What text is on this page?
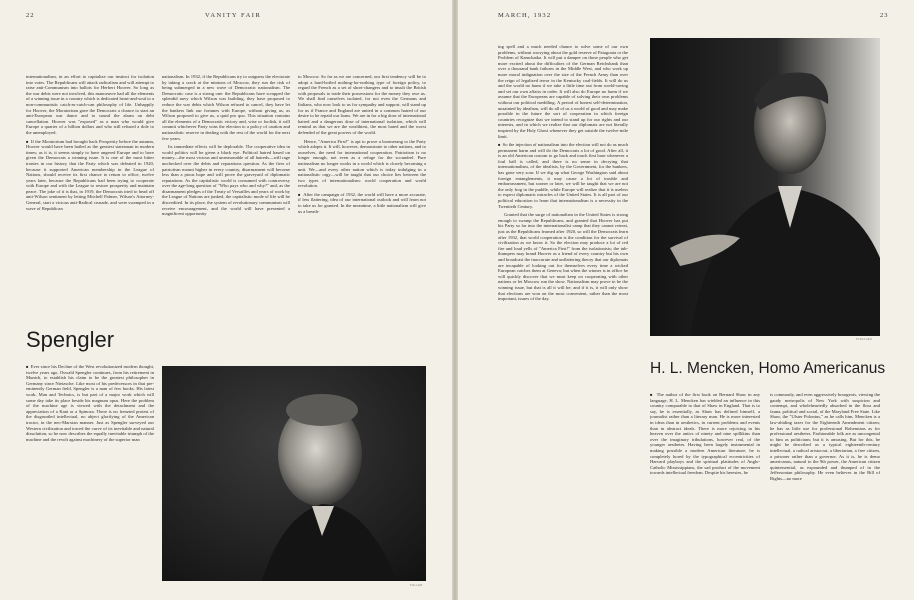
22	VANITY FAIR

internationalism, in an effort to capitalize our instinct for isolation into votes. The Republicans will attack radicalism and will attempt to raise anti-Communism into ballots for Herbert Hoover. So long as the war debts were not involved, this manoeuvre had all the elements of a winning issue in a country which is dedicated heart-and-soul to a non-communistic catch-as-catch-can philosophy of life. Unhappily for Hoover, the Moratorium gave the Democrats a chance to start an anti-European war dance and to sound the alarm on debt cancellation. Hoover was "exposed" as a man who would give Europe a quarter of a billion dollars and who still refused a dole to the unemployed.

■  If the Moratorium had brought back Prosperity before the autumn, Hoover would have been hailed as the greatest statesman in modern times; as it is, it seems simply to have angered Europe and to have given the Democrats a winning issue. It is one of the most bitter ironies in our history that the Party which was defeated in 1920, because it supported American membership in the League of Nations, should receive its first chance to return to office, twelve years later, because the Republicans had been trying to cooperate with Europe and with the League to restore prosperity and maintain peace. The joke of it is that, in 1919, the Democrats tried to head off anti-Wilson sentiment by letting Mitchell Palmer, Wilson's Attorney-General, start a vicious anti-Radical crusade, and were swamped in a wave of Republican

nationalism. In 1932, if the Republicans try to outguess the electorate by taking a crack at the minions of Moscow, they run the risk of being submerged in a new wave of Democratic nationalism. The Democratic case is a strong one: the Republicans have scrapped the splendid navy which Wilson was building, they have proposed to reduce the war debts which Wilson refused to cancel, they have let the bankers link our fortunes with Europe, without giving us, as Wilson proposed to give us, a quid pro quo. This situation contains all the elements of a Democratic victory and, wise or foolish, it will commit whichever Party wins the election to a policy of caution and nationalistic reserve in dealing with the rest of the world for the next few years.

Its immediate effects will be deplorable. The cooperative idea in world politics will be given a black eye. Political hatred based on money—the most vicious and unreasonable of all hatreds—will rage unchecked over the debts and reparations question. As the fires of patriotism mount higher in every country, disarmament will become less than a pious hope and will prove the graveyard of diplomatic reputations. As the capitalistic world is consumed with controversy over the age-long question of "Who pays who and why?" and, as the disarmament pledges of the Treaty of Versailles and years of work by the League of Nations are junked, the capitalistic mode of life will be discredited. In its place, the system of revolutionary communism will receive encouragement, and the world will have presented a magnificent opportunity

to Moscow. So far as we are concerned, our first tendency will be to adopt a hard-boiled nothing-for-nothing type of foreign policy, to regard the French as a set of short-changers and to insult the British with proposals to trade their possessions for the money they owe us. We shall find ourselves isolated, for not even the Germans and Italians, who now look to us for sympathy and support, will stand up for us if France and England are united in a common hatred of our desire to be repaid our loans. We are in for a big dose of international hatred and a dangerous dose of international isolation, which will remind us that we are the wealthiest, the most hated and the worst defended of the great powers of the world.

Hence, "America First!" is apt to prove a boomerang to the Party which adopts it. It will, however, demonstrate to other nations, and to ourselves, the need for international cooperation. Patriotism is no longer enough, not even as a refuge for the scoundrel. Pure nationalism no longer works in a world which is closely becoming a unit. We—and every other nation which is today indulging in a nationalistic orgy—will be taught that our choice lies between the two types of internationalism: world cooperation and world revolution.

■  After the campaign of 1932, the world will have a more accurate, if less flattering, idea of our international outlook and will learn not to take us for granted. In the meantime, a little nationalism will give us a breath-

Spengler

■  Ever since his Decline of the West revolutionized modern thought, twelve years ago, Oswald Spengler continues, from his retirement in Munich, to establish his claim to be the greatest philosopher in Germany since Nietzsche. Like most of his predecessors in that pre-eminently German field, Spengler is a man of few books. His latest work, Man and Technics, is but part of a major work which will some day take its place beside his magnum opus. Here the problem of the machine age is viewed with the detachment and the appreciation of a Kant or a Spinoza. There is no frenzied protest of the disgruntled intellectual, no abject glorifying of the American tractor, in the neo-Marxian manner. Just as Spengler surveyed our Western civilization and traced the curve of its inevitable and natural dissolution, so he now describes the equally inevitable triumph of the machine and the revolt against machinery of the superior man

KOLLER
MARCH, 1932	23

ing spell and a much needed chance to solve some of our own problems, without worrying about the gold reserve of Patagonia or the Problem of Kamchatka. It will put a damper on those people who get more excited about the difficulties of the German Reichsbank than over a thousand bank failures in the Middle West, and who work up more moral indignation over the size of the French Army than over the reign of legalized terror in the Kentucky coal-fields. It will do us and the world no harm if we take a little time out from world-saving and set our own affairs in order. It will also do Europe no harm if we assume that the Europeans are capable of solving their own problems without our political meddling. A period of honest self-determination, unsainted by idealism, will do all of us a world of good and may make possible in the future the sort of cooperation in which foreign countries recognize that we intend to stand up for our rights and our interests, and in which we realize that our diplomats are not literally inspired by the Holy Ghost whenever they get outside the twelve-mile limit.

■  So the injection of nationalism into the election will not do as much permanent harm and will do the Democrats a lot of good. After all, it is an old American custom to go back and touch first base whenever a foul ball is called, and there is no sense in decrying that internationalism, of the idealists, by the Government, for the bankers, has gone very sour. If we dig up what George Washington said about foreign entanglements, it may cause a lot of trouble and embarrassment, but sooner or later, we will be taught that we are not the only frog in the puddle, while Europe will realize that it is useless to expect diplomatic miracles of the United States. It is all part of our political education to learn that internationalism is a necessity in the Twentieth Century.

Granted that the surge of nationalism in the United States is strong enough to swamp the Republicans, and granted that Hoover has put his Party so far into the internationalist camp that they cannot retreat, just as the Republicans learned after 1920, so will the Democrats learn after 1932, that world cooperation is the condition for the survival of civilization as we know it. So the election may produce a lot of red fire and loud yells of "America First!" from the isolationists; the tub-thumpers may brand Hoover as a friend of every country but his own and broadcast the inaccurate and unflattering theory that our diplomats are incapable of looking out for themselves every time a wicked European catches them at Geneva; but when the winner is in office he will quickly discover that we must keep on cooperating with other nations or let Moscow run the show. Nationalism may prove to be the winning issue, but that is all it will be; and if it is, it will only show that elections are won on the most convenient, rather than the most important, issues of the day.

STEICHEN
H. L. Mencken, Homo Americanus

■  The author of the first book on Bernard Shaw in any language, H. L. Mencken has wielded an influence in this country comparable to that of Shaw in England. That is to say, he is essentially, as Shaw has defined himself, a journalist rather than a literary man. He is more interested in ideas than in aesthetics, in current problems and events than in abstract ideals. There is more rejoicing in his heaven over the antics of ninety and nine spillikins than over the imaginary tribulations, however real, of the younger aesthetes. Having been largely instrumental in making possible a modern American literature, he is completely bored by the typographical eccentricities of Harvard playboys and the spiritual platitudes of Anglo-Catholic Mississippians, the sad product of the movement towards intellectual freedom. Despite his heresies, he

is commonly, and even aggressively bourgeois, viewing the gaudy metropolis of New York with suspicion and contempt, and wholeheartedly absorbed in the flora and fauna, political and social, of the Maryland Free State. Like Shaw, the "Ulster Polonius," as he calls him, Mencken is a law-abiding taxer for the Eighteenth Amendment citizen; he has as little use for professional Bohemians as for professional aesthetes. Fashionable folk are as uncongenial to him as politicians; but it is amusing. But for this, he might be described as a typical eighteenth-century intellectual, a radical aristocrat, a libertarian, a free citizen, a prisoner rather than a governor. As it is, he is demo americanus, natural to the 9th power, the American citizen quintessential, as expounded and thumped of in the Jeffersonian philosophy. He even believes in the Bill of Rights—no more
